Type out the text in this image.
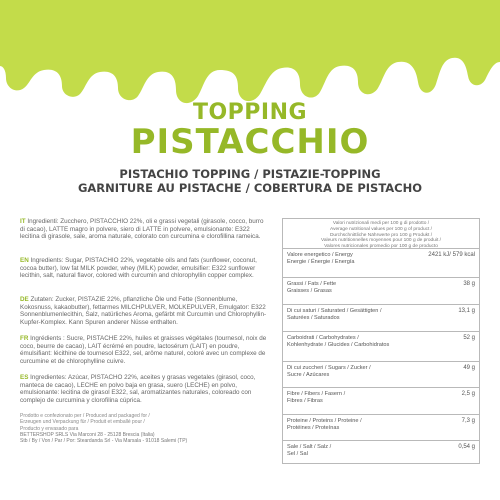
TOPPING
PISTACCHIO
PISTACHIO TOPPING / PISTAZIE-TOPPING
GARNITURE AU PISTACHE / COBERTURA DE PISTACHO
IT Ingredienti: Zucchero, PISTACCHIO 22%, oli e grassi vegetali (girasole, cocco, burro di cacao), LATTE magro in polvere, siero di LATTE in polvere, emulsionante: E322 lecitina di girasole, sale, aroma naturale, colorato con curcumina e clorofillina rameica.
EN Ingredients: Sugar, PISTACHIO 22%, vegetable oils and fats (sunflower, coconut, cocoa butter), low fat MILK powder, whey (MILK) powder, emulsifier: E322 sunflower lecithin, salt, natural flavor, colored with curcumin and chlorophyllin copper complex.
DE Zutaten: Zucker, PISTAZIE 22%, pflanzliche Öle und Fette (Sonnenblume, Kokosnuss, kakaobutter), fettarmes MILCHPULVER, MOLKEPULVER, Emulgator: E322 Sonnenblumenlecithin, Salz, natürliches Aroma, gefärbt mit Curcumin und Chlorophyllin-Kupfer-Komplex. Kann Spuren anderer Nüsse enthalten.
FR Ingrédients : Sucre, PISTACHE 22%, huiles et graisses végétales (tournesol, noix de coco, beurre de cacao), LAIT écrémé en poudre, lactosérum (LAIT) en poudre, émulsifiant: lécithine de tournesol E322, sel, arôme naturel, coloré avec un complexe de curcumine et de chlorophylline cuivre.
ES Ingredientes: Azúcar, PISTACHO 22%, aceites y grasas vegetales (girasol, coco, manteca de cacao), LECHE en polvo baja en grasa, suero (LECHE) en polvo, emulsionante: lecitina de girasol E322, sal, aromatizantes naturales, coloreado con complejo de curcumina y clorofilina cúprica.
Prodotto e confezionato per / Produced and packaged for /
Erzeugen und Verpackung für / Produit et emballé pour /
Producto y envasado para
BETTERSHOP SRLS Via Marconi 28 - 25128 Brescia (Italia)
Stb / By / Von / Par / Por: Steardanda Srl - Via Marsala - 91018 Salemi (TP)
Valori nutrizionali medi per 100 g di prodotto /
Average nutritional values per 100 g of product /
Durchschnittliche Nährwerte pro 100 g Produkt /
Valeurs nutritionnelles moyennes pour 100 g de produit /
Valores nutricionales promedio por 100 g de producto
Valore energetico / Energy
Energie / Énergie / Energía
2421 kJ/ 579 kcal
Grassi / Fats / Fette
Graisses / Grasas
38 g
Di cui saturi / Saturated / Gesättigten /
Saturées / Saturados
13,1 g
Carboidrati / Carbohydrates /
Kohlenhydrate / Glucides / Carbohidratos
52 g
Di cui zuccheri / Sugars / Zucker /
Sucre / Azúcares
49 g
Fibre / Fibers / Fasern /
Fibres / Fibras
2,5 g
Proteine / Proteins / Proteine /
Protéines / Proteínas
7,3 g
Sale / Salt / Salz /
Sel / Sal
0,54 g
